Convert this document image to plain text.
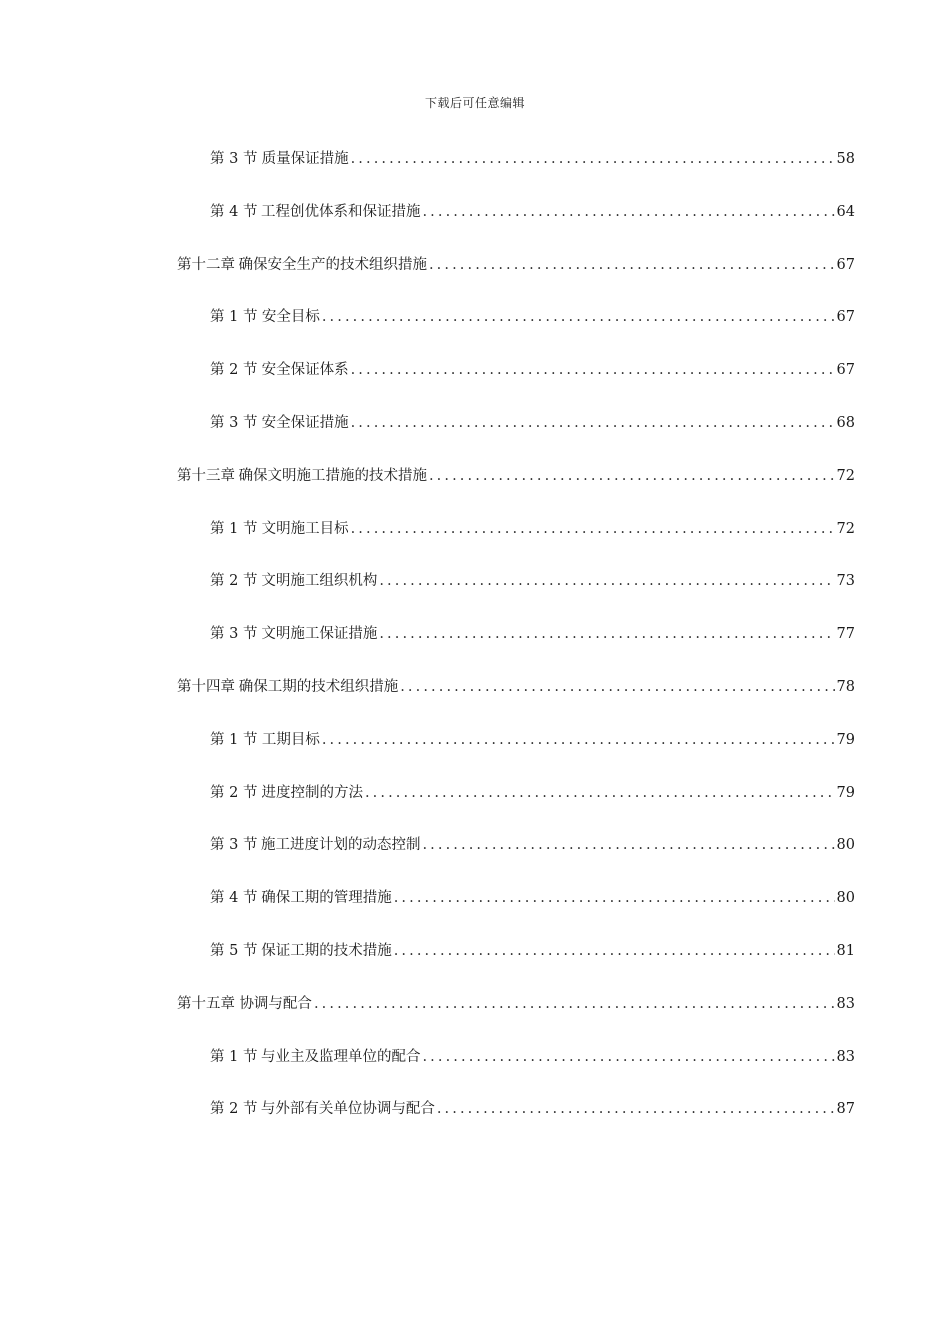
下载后可任意编辑
第 3 节 质量保证措施 .....	58
第 4 节 工程创优体系和保证措施 .....	64
第十二章 确保安全生产的技术组织措施 .....	67
第 1 节 安全目标 .....	67
第 2 节 安全保证体系 .....	67
第 3 节 安全保证措施 .....	68
第十三章 确保文明施工措施的技术措施 .....	72
第 1 节 文明施工目标 .....	72
第 2 节 文明施工组织机构 .....	73
第 3 节 文明施工保证措施 .....	77
第十四章 确保工期的技术组织措施 .....	78
第 1 节 工期目标 .....	79
第 2 节 进度控制的方法 .....	79
第 3 节 施工进度计划的动态控制 .....	80
第 4 节 确保工期的管理措施 .....	80
第 5 节 保证工期的技术措施 .....	81
第十五章 协调与配合 .....	83
第 1 节 与业主及监理单位的配合 .....	83
第 2 节 与外部有关单位协调与配合 .....	87
